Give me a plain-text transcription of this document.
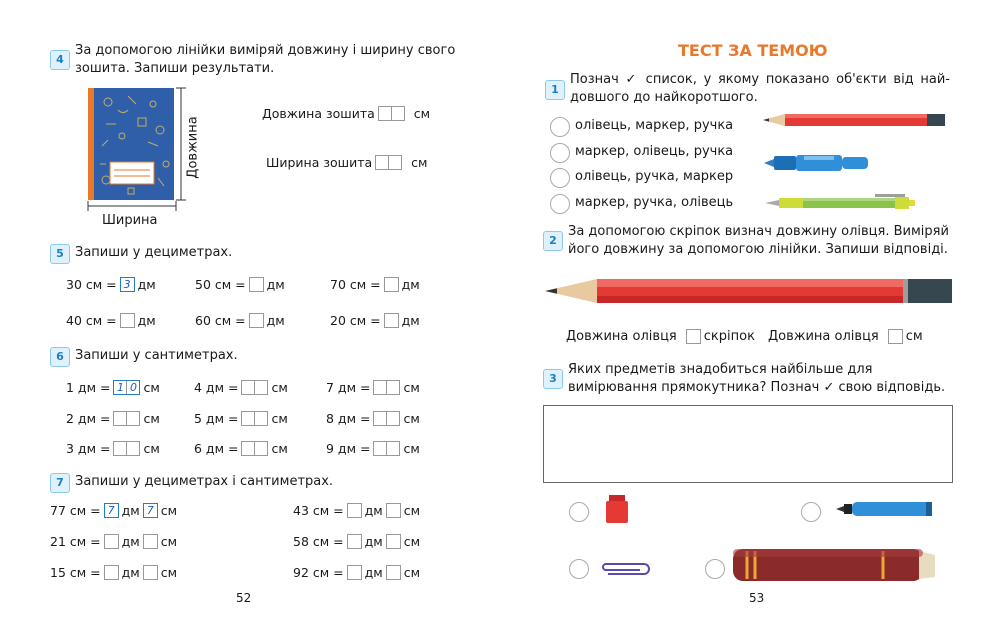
4
За допомогою лінійки виміряй довжину і ширину свого зошита. Запиши результати.
Довжина
Ширина
Довжина зошита	см
Ширина зошита	см
5 Запиши у дециметрах.
30 см = 3 дм	50 см = дм	70 см = дм
40 см = дм	60 см = дм	20 см = дм
6 Запиши у сантиметрах.
1 дм = 1 0 см	4 дм =	см	7 дм =	см
2 дм =	см	5 дм =	см	8 дм =	см
3 дм =	см	6 дм =	см	9 дм =	см
7 Запиши у дециметрах і сантиметрах.
77 см = 7 дм 7 см	43 см = дм см
21 см = дм см	58 см = дм см
15 см = дм см	92 см = дм см
52
ТЕСТ ЗА ТЕМОЮ
1
Познач ✓ список, у якому показано об'єкти від найдовшого до найкоротшого.
олівець, маркер, ручка
маркер, олівець, ручка
олівець, ручка, маркер
маркер, ручка, олівець
2
За допомогою скріпок визнач довжину олівця. Виміряй його довжину за допомогою лінійки. Запиши відповіді.
Довжина олівця скріпок Довжина олівця см
3
Яких предметів знадобиться найбільше для вимірювання прямокутника? Познач ✓ свою відповідь.
53
